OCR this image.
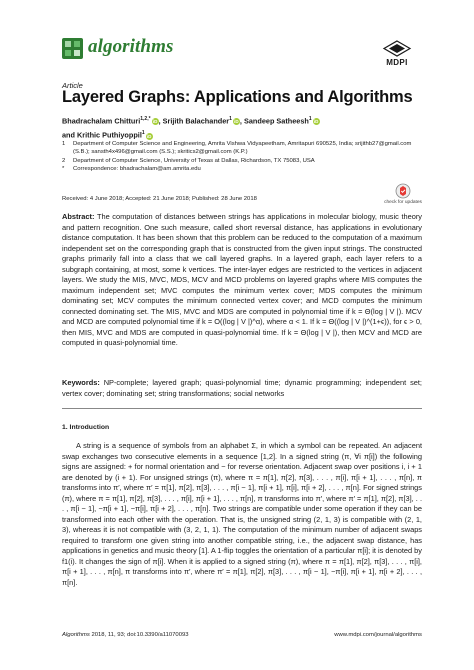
algorithms
MDPI
Article
Layered Graphs: Applications and Algorithms
Bhadrachalam Chitturi$^{1,2,*}$ iD, Srijith Balachander$^1$ iD, Sandeep Satheesh$^1$ iD
and Krithic Puthiyoppil$^1$ iD
1	Department of Computer Science and Engineering, Amrita Vishwa Vidyapeetham, Amritapuri 690525, India; srijithb27@gmail.com (S.B.); sansth4x496@gmail.com (S.S.); skritics2@gmail.com (K.P.)
2	Department of Computer Science, University of Texas at Dallas, Richardson, TX 75083, USA
*	Correspondence: bhadrachalam@am.amrita.edu
Received: 4 June 2018; Accepted: 21 June 2018; Published: 28 June 2018
check for updates
Abstract: The computation of distances between strings has applications in molecular biology, music theory and pattern recognition. One such measure, called short reversal distance, has applications in evolutionary distance computation. It has been shown that this problem can be reduced to the computation of a maximum independent set on the corresponding graph that is constructed from the given input strings. The constructed graphs primarily fall into a class that we call layered graphs. In a layered graph, each layer refers to a subgraph containing, at most, some k vertices. The inter-layer edges are restricted to the vertices in adjacent layers. We study the MIS, MVC, MDS, MCV and MCD problems on layered graphs where MIS computes the maximum independent set; MVC computes the minimum vertex cover; MDS computes the minimum dominating set; MCV computes the minimum connected vertex cover; and MCD computes the minimum connected dominating set. The MIS, MVC and MDS are computed in polynomial time if k = Θ(log | V |). MCV and MCD are computed polynomial time if k = O((log | V |)^α), where α < 1. If k = Θ((log | V |)^(1+ϵ)), for ϵ > 0, then MIS, MVC and MDS are computed in quasi-polynomial time. If k = Θ(log | V |), then MCV and MCD are computed in quasi-polynomial time.
Keywords: NP-complete; layered graph; quasi-polynomial time; dynamic programming; independent set; vertex cover; dominating set; string transformations; social networks
1. Introduction

A string is a sequence of symbols from an alphabet Σ, in which a symbol can be repeated. An adjacent swap exchanges two consecutive elements in a sequence [1,2]. In a signed string (π, ∀i π[i]) the following signs are assigned: + for normal orientation and − for reverse orientation. Adjacent swap over positions i, i + 1 are denoted by (i + 1). For unsigned strings (π), where π = π[1], π[2], π[3], . . . , π[i], π[i + 1], . . . , π[n], π transforms into π′, where π′ = π[1], π[2], π[3], . . . , π[i − 1], π[i + 1], π[i], π[i + 2], . . . , π[n]. For signed strings (π), where π = π[1], π[2], π[3], . . . , π[i], π[i + 1], . . . , π[n], π transforms into π′, where π′ = π[1], π[2], π[3], . . . , π[i − 1], −π[i + 1], −π[i], π[i + 2], . . . , π[n]. Two strings are compatible under some operation if they can be transformed into each other with the operation. That is, the unsigned string (2, 1, 3) is compatible with (2, 1, 3), whereas it is not compatible with (3, 2, 1, 1). The computation of the minimum number of adjacent swaps required to transform one given string into another compatible string, i.e., the adjacent swap distance, has applications in genetics and music theory [1]. A 1-flip toggles the orientation of a particular π[i]; it is denoted by f1(i). It changes the sign of π[i]. When it is applied to a signed string (π), where π = π[1], π[2], π[3], . . . , π[i], π[i + 1], . . . , π[n], π transforms into π′, where π′ = π[1], π[2], π[3], . . . , π[i − 1], −π[i], π[i + 1], π[i + 2], . . . , π[n].

Algorithms 2018, 11, 93; doi:10.3390/a11070093	www.mdpi.com/journal/algorithms
